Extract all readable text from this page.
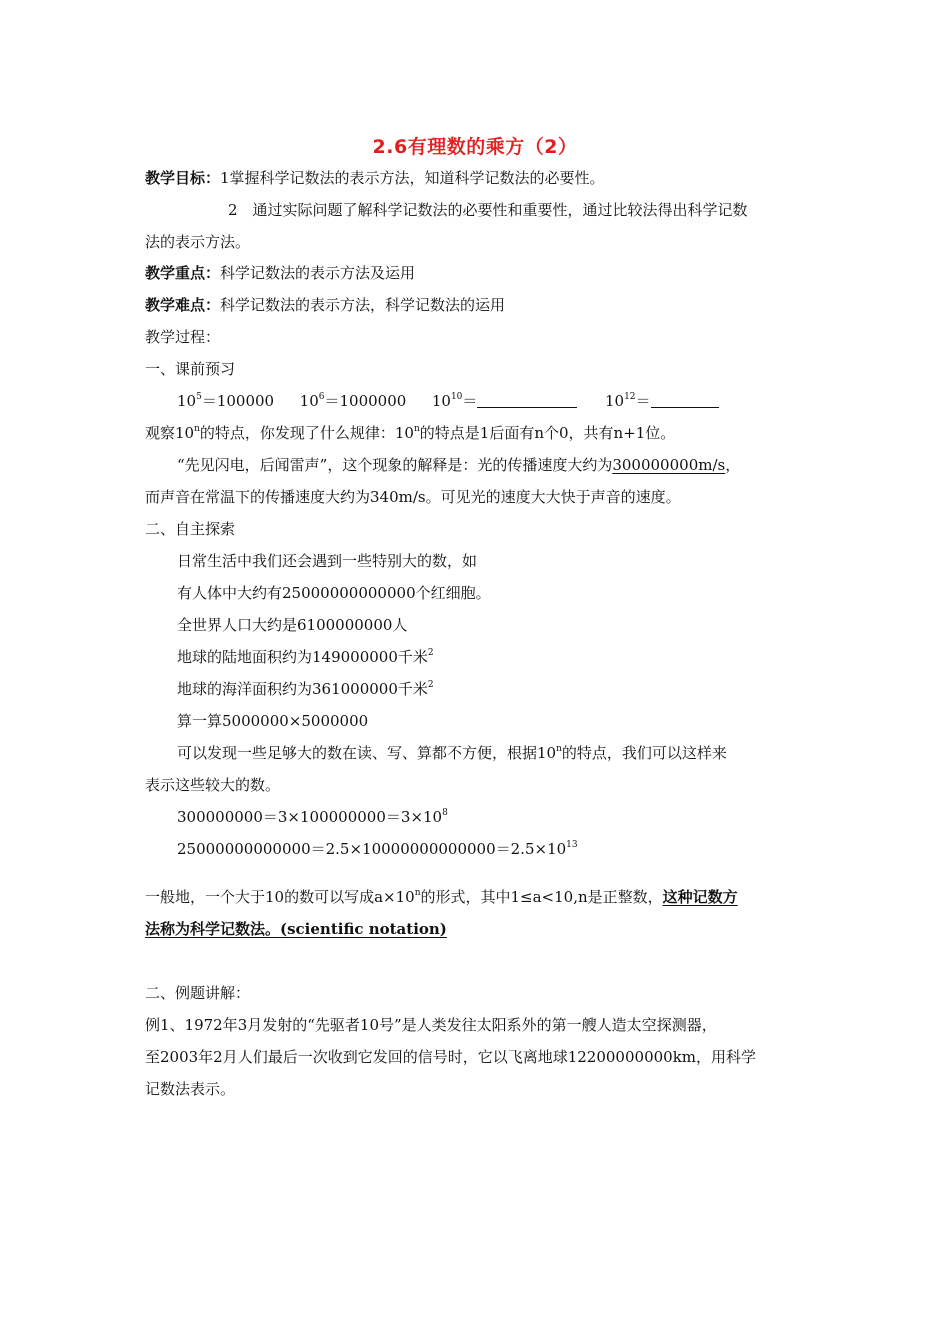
2.6有理数的乘方（2）
教学目标：1掌握科学记数法的表示方法，知道科学记数法的必要性。
2　通过实际问题了解科学记数法的必要性和重要性，通过比较法得出科学记数
法的表示方法。
教学重点：科学记数法的表示方法及运用
教学难点：科学记数法的表示方法，科学记数法的运用
教学过程：
一、课前预习
$10^5=100000$ $10^6=1000000$ $10^{10}=$	$10^{12}=$
观察10$^n$的特点，你发现了什么规律：10$^n$的特点是1后面有n个0，共有n+1位。
“先见闪电，后闻雷声”，这个现象的解释是：光的传播速度大约为300000000m/s，
而声音在常温下的传播速度大约为340m/s。可见光的速度大大快于声音的速度。
二、自主探索
日常生活中我们还会遇到一些特别大的数，如
有人体中大约有25000000000000个红细胞。
全世界人口大约是6100000000人
地球的陆地面积约为149000000千米$^2$
地球的海洋面积约为361000000千米$^2$
算一算5000000×5000000
可以发现一些足够大的数在读、写、算都不方便，根据10$^n$的特点，我们可以这样来
表示这些较大的数。
$300000000=3\times 100000000=3\times 10^8$
$25000000000000=2.5\times 10000000000000=2.5\times 10^{13}$
一般地，一个大于10的数可以写成$a\times 10^n$的形式，其中1≤a<10,n是正整数，这种记数方
法称为科学记数法。(scientific notation)
二、例题讲解：
例1、1972年3月发射的“先驱者10号”是人类发往太阳系外的第一艘人造太空探测器，
至2003年2月人们最后一次收到它发回的信号时，它以飞离地球12200000000km，用科学
记数法表示。
